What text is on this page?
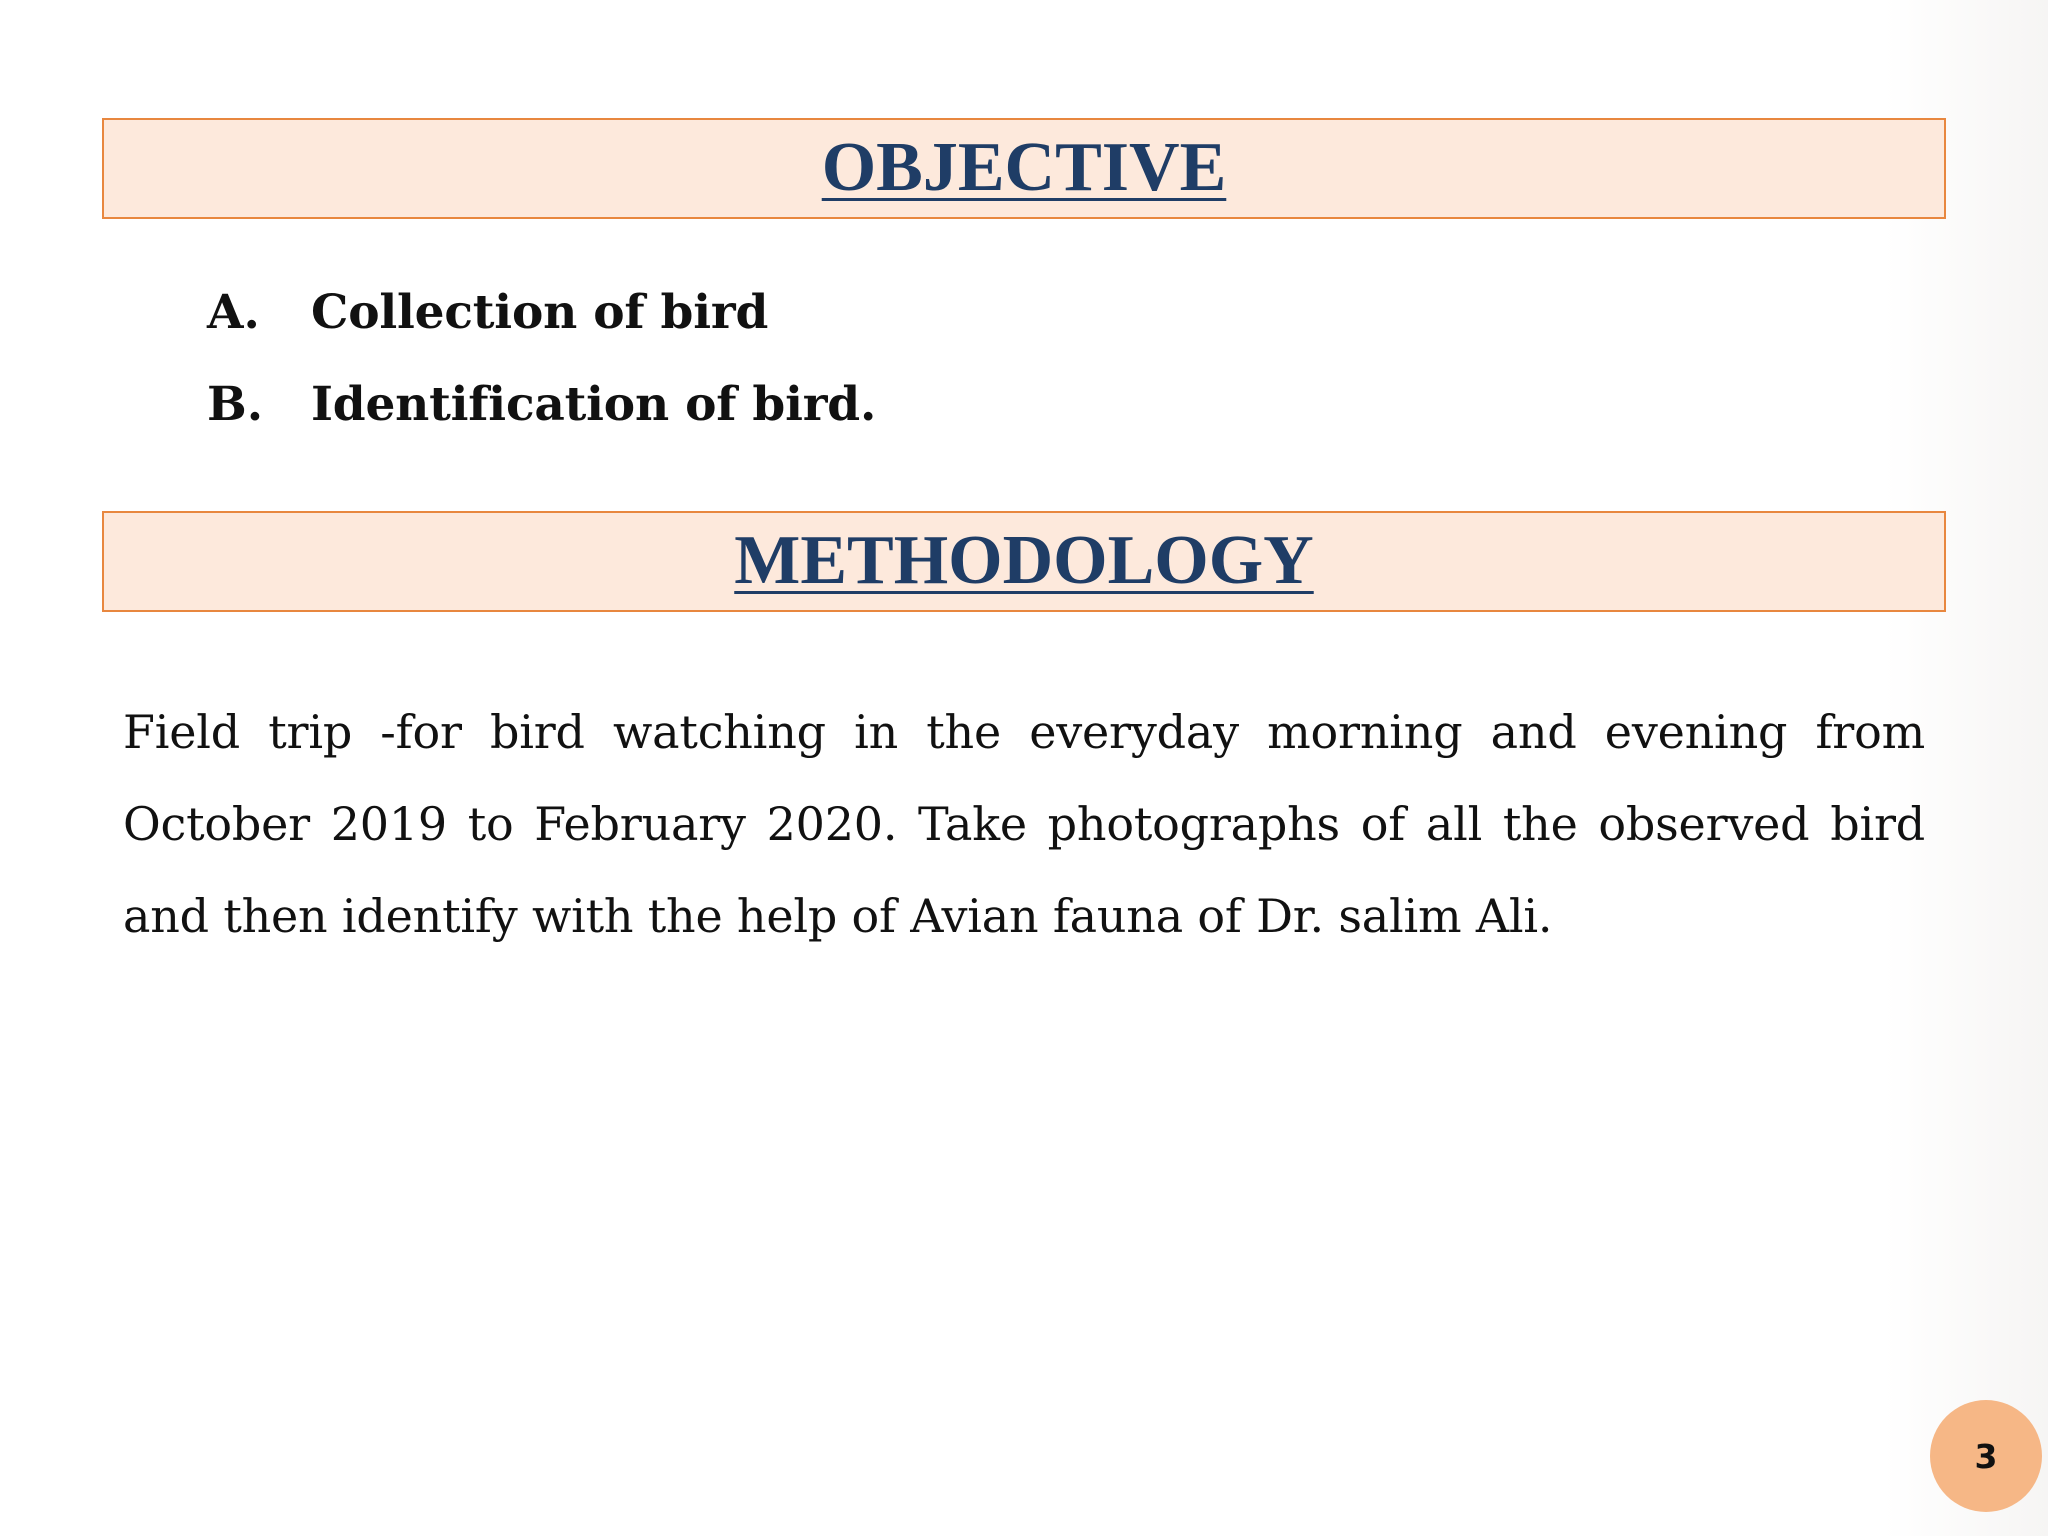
OBJECTIVE
A.	Collection of bird
B.	Identification of bird.
METHODOLOGY

Field trip -for bird watching in the everyday morning and evening from October 2019 to February 2020. Take photographs of all the observed bird and then identify with the help of Avian fauna of Dr. salim Ali.

3
